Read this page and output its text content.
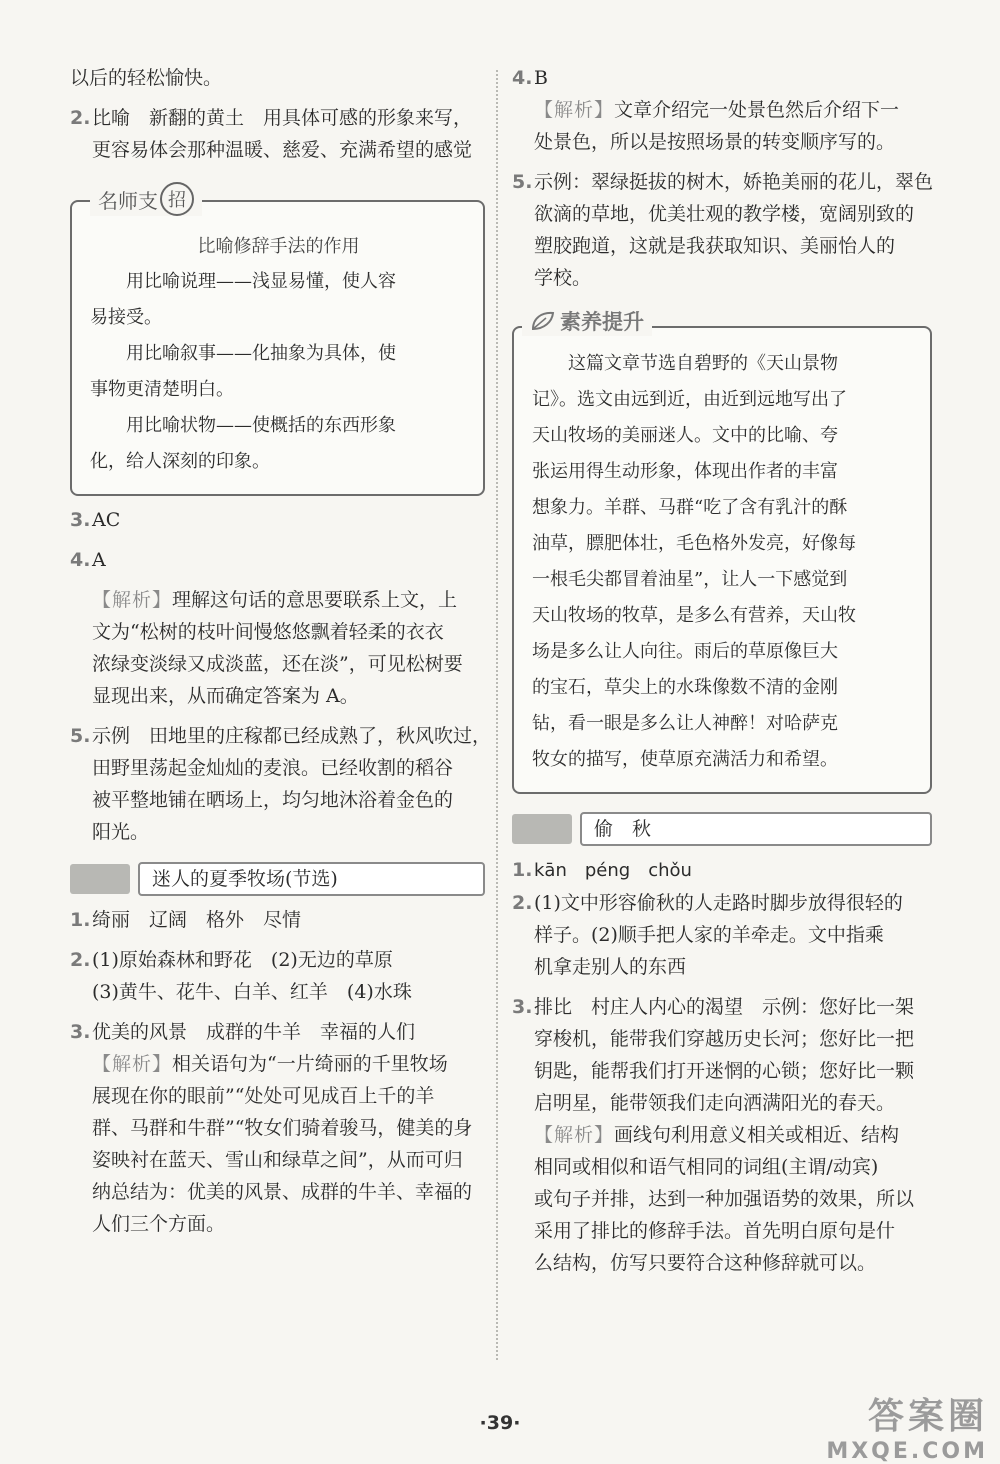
以后的轻松愉快。
2.比喻　新翻的黄土　用具体可感的形象来写，
更容易体会那种温暖、慈爱、充满希望的感觉
名师支 招
比喻修辞手法的作用
　　用比喻说理——浅显易懂，使人容
易接受。
　　用比喻叙事——化抽象为具体，使
事物更清楚明白。
　　用比喻状物——使概括的东西形象
化，给人深刻的印象。
3.AC
4.A
【解析】理解这句话的意思要联系上文，上
文为“松树的枝叶间慢悠悠飘着轻柔的衣衣
浓绿变淡绿又成淡蓝，还在淡”，可见松树要
显现出来，从而确定答案为 A。
5.示例　田地里的庄稼都已经成熟了，秋风吹过，
田野里荡起金灿灿的麦浪。已经收割的稻谷
被平整地铺在晒场上，均匀地沐浴着金色的
阳光。
迷人的夏季牧场(节选)
1.绮丽　辽阔　格外　尽情
2.(1)原始森林和野花　(2)无边的草原
(3)黄牛、花牛、白羊、红羊　(4)水珠
3.优美的风景　成群的牛羊　幸福的人们
【解析】相关语句为“一片绮丽的千里牧场
展现在你的眼前”“处处可见成百上千的羊
群、马群和牛群”“牧女们骑着骏马，健美的身
姿映衬在蓝天、雪山和绿草之间”，从而可归
纳总结为：优美的风景、成群的牛羊、幸福的
人们三个方面。
4.B
【解析】文章介绍完一处景色然后介绍下一
处景色，所以是按照场景的转变顺序写的。
5.示例：翠绿挺拔的树木，娇艳美丽的花儿，翠色
欲滴的草地，优美壮观的教学楼，宽阔别致的
塑胶跑道，这就是我获取知识、美丽怡人的
学校。
素养提升
　　这篇文章节选自碧野的《天山景物
记》。选文由远到近，由近到远地写出了
天山牧场的美丽迷人。文中的比喻、夸
张运用得生动形象，体现出作者的丰富
想象力。羊群、马群“吃了含有乳汁的酥
油草，膘肥体壮，毛色格外发亮，好像每
一根毛尖都冒着油星”，让人一下感觉到
天山牧场的牧草，是多么有营养，天山牧
场是多么让人向往。雨后的草原像巨大
的宝石，草尖上的水珠像数不清的金刚
钻，看一眼是多么让人神醉！对哈萨克
牧女的描写，使草原充满活力和希望。
偷　秋
1.kān　péng　chǒu
2.(1)文中形容偷秋的人走路时脚步放得很轻的
样子。(2)顺手把人家的羊牵走。文中指乘
机拿走别人的东西
3.排比　村庄人内心的渴望　示例：您好比一架
穿梭机，能带我们穿越历史长河；您好比一把
钥匙，能帮我们打开迷惘的心锁；您好比一颗
启明星，能带领我们走向洒满阳光的春天。
【解析】画线句利用意义相关或相近、结构
相同或相似和语气相同的词组(主谓/动宾)
或句子并排，达到一种加强语势的效果，所以
采用了排比的修辞手法。首先明白原句是什
么结构，仿写只要符合这种修辞就可以。
·39·	答案圈
MXQE.COM
